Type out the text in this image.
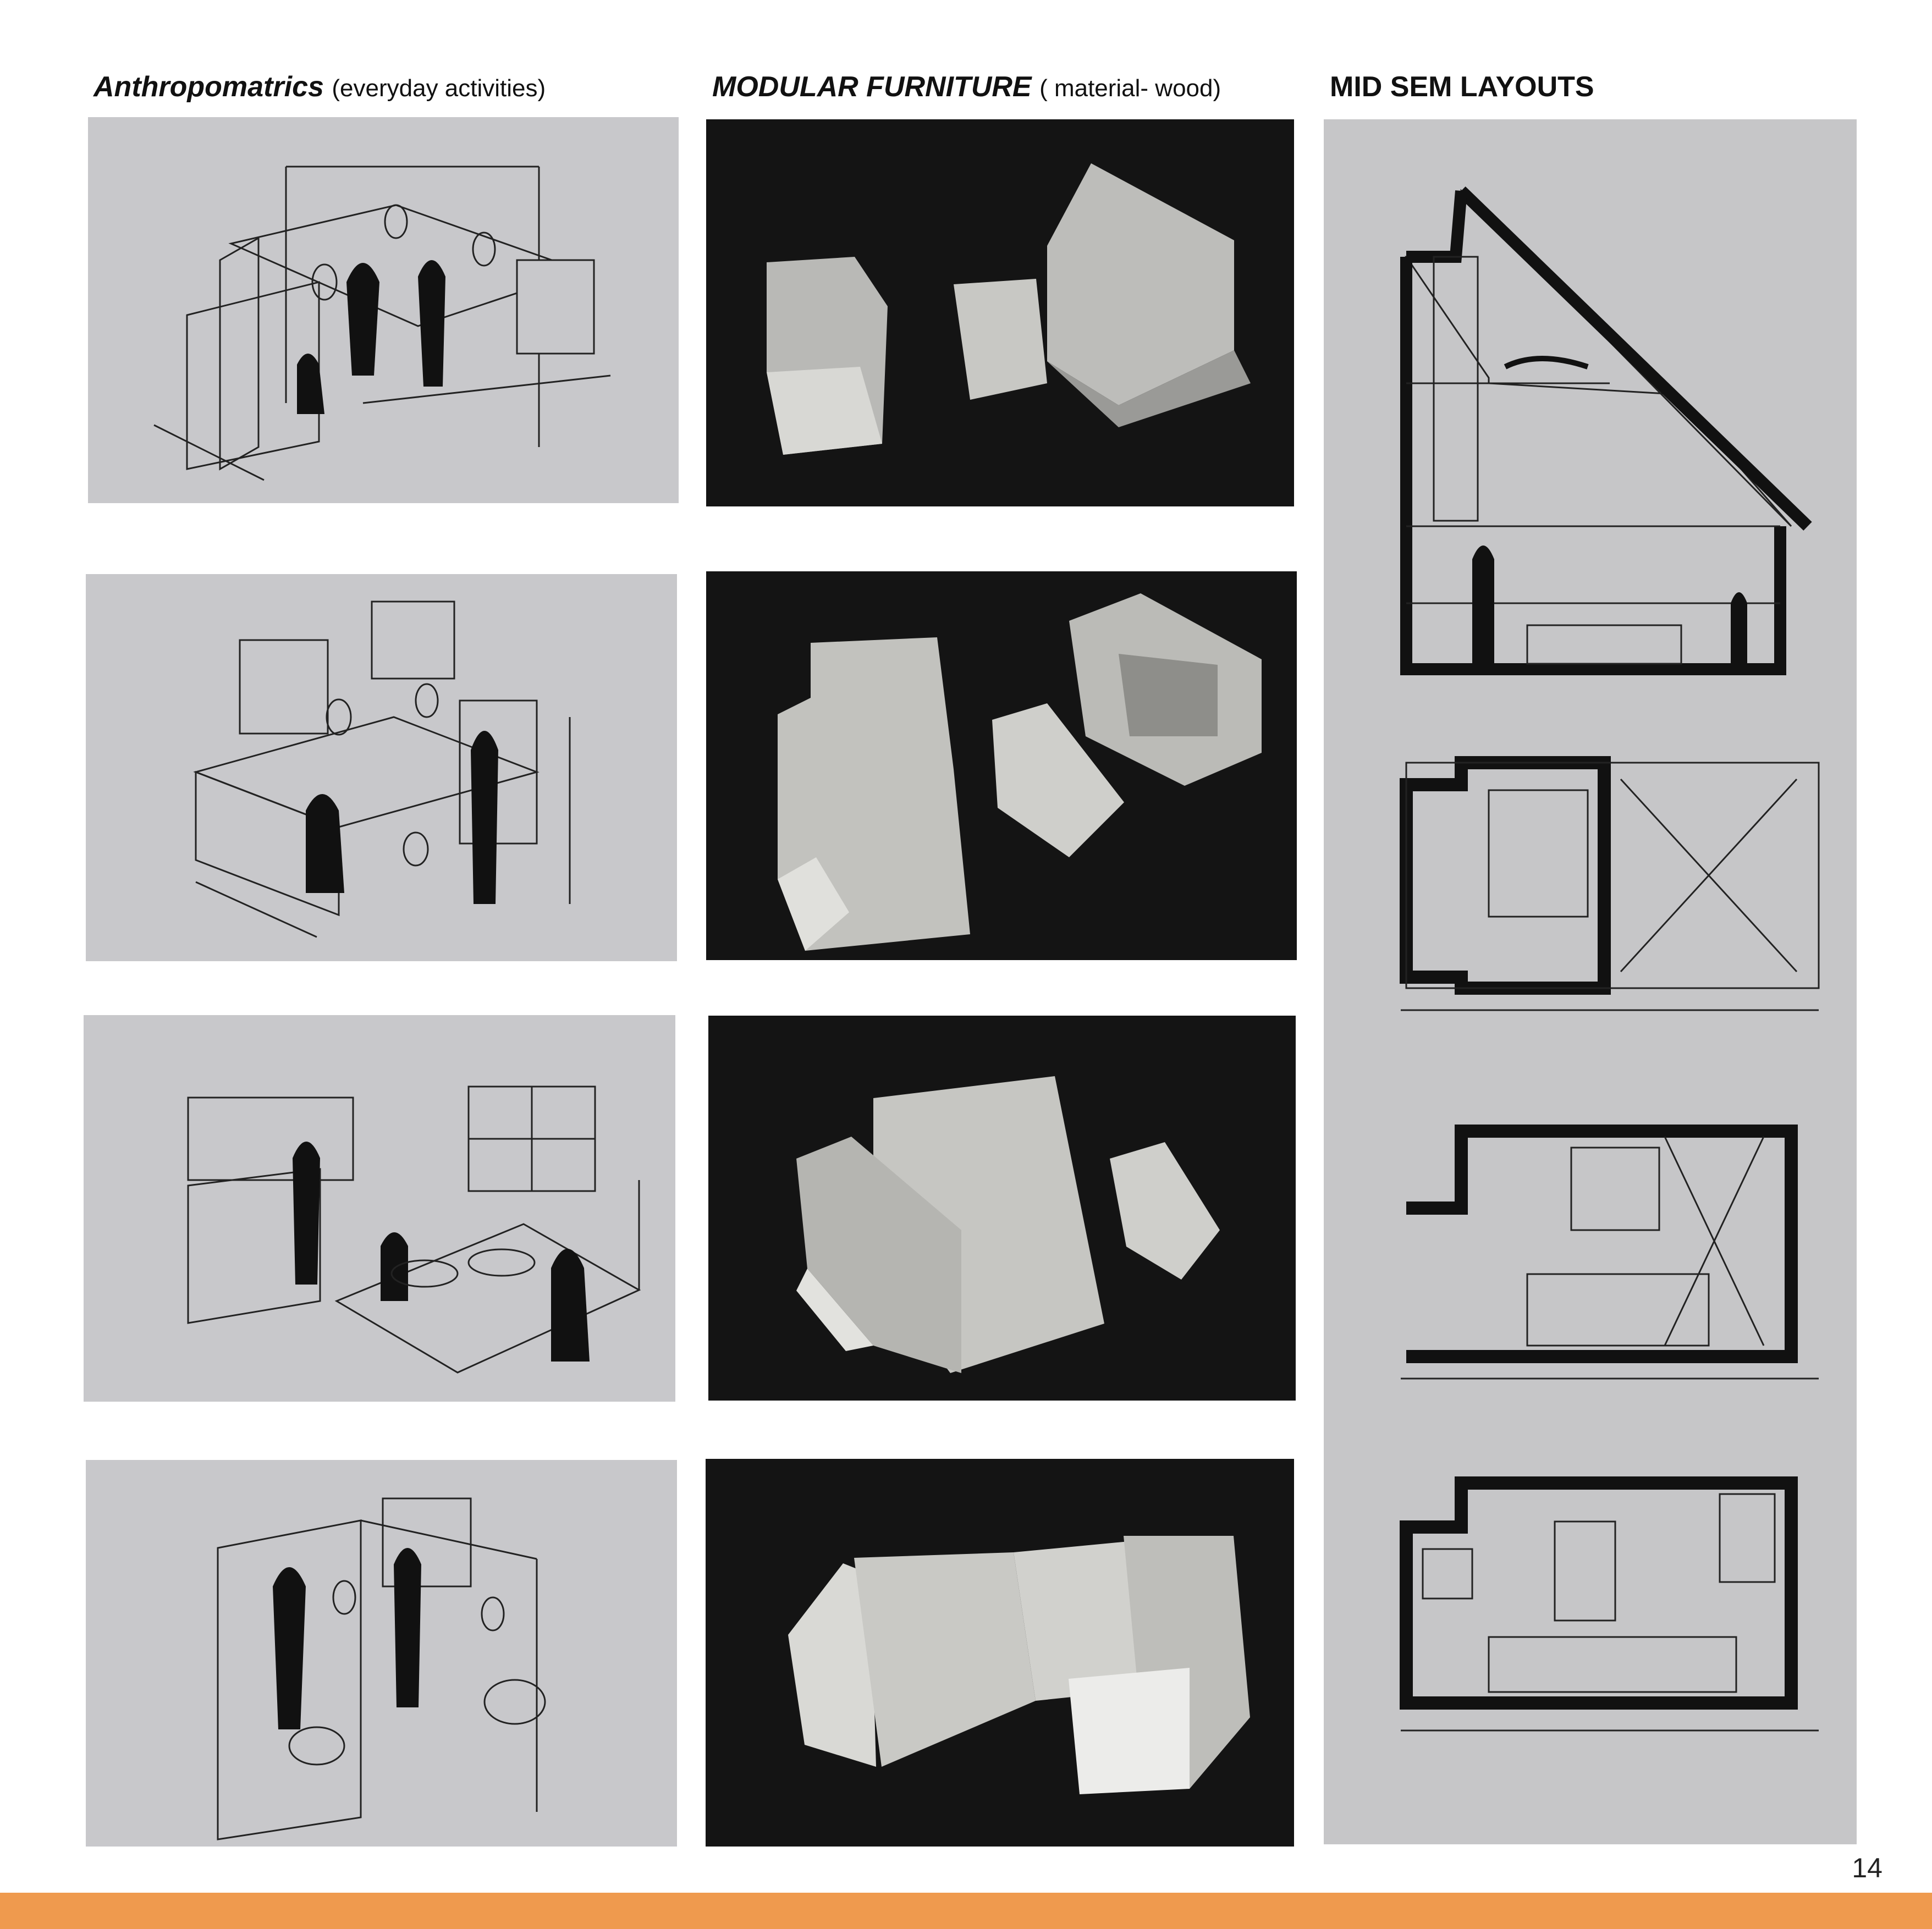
Anthropomatrics (everyday activities)	MODULAR FURNITURE ( material- wood)	MID SEM LAYOUTS
14
